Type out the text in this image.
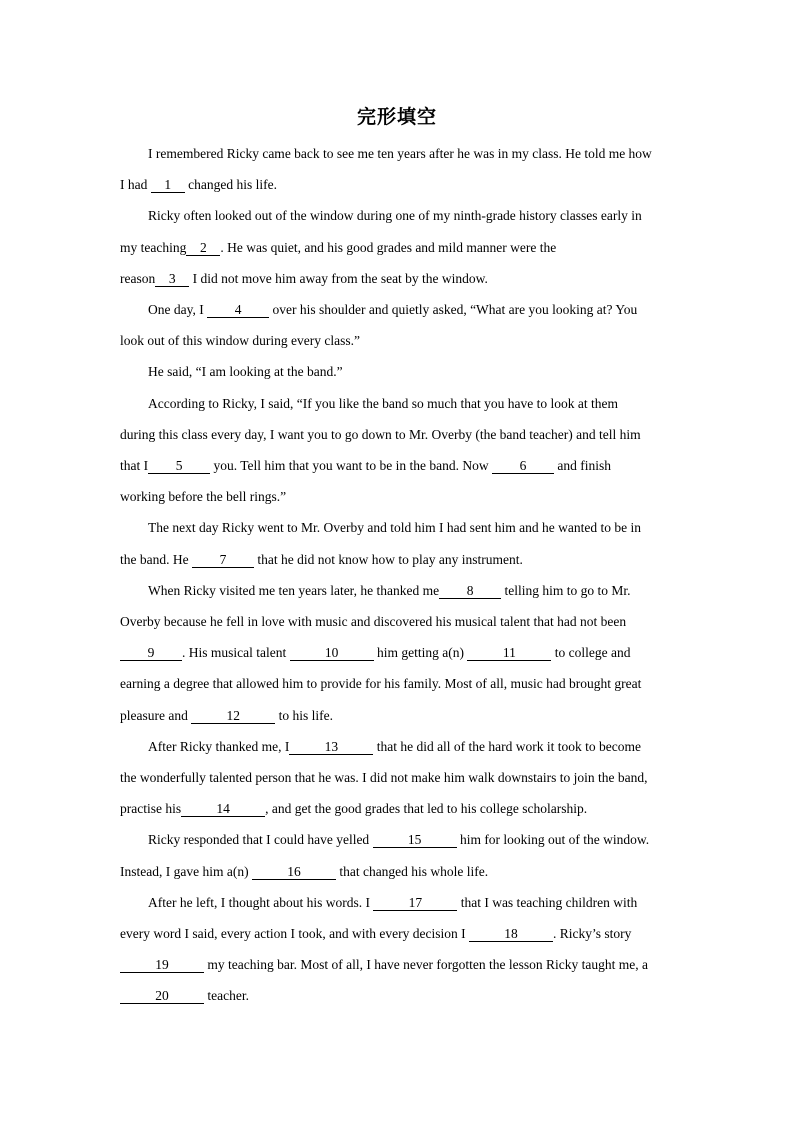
完形填空
I remembered Ricky came back to see me ten years after he was in my class. He told me how
I had 1 changed his life.
Ricky often looked out of the window during one of my ninth-grade history classes early in
my teaching 2 . He was quiet, and his good grades and mild manner were the
reason 3 I did not move him away from the seat by the window.
One day, I 4 over his shoulder and quietly asked, “What are you looking at? You
look out of this window during every class.”
He said, “I am looking at the band.”
According to Ricky, I said, “If you like the band so much that you have to look at them
during this class every day, I want you to go down to Mr. Overby (the band teacher) and tell him
that I 5 you. Tell him that you want to be in the band. Now 6 and finish
working before the bell rings.”
The next day Ricky went to Mr. Overby and told him I had sent him and he wanted to be in
the band. He 7 that he did not know how to play any instrument.
When Ricky visited me ten years later, he thanked me 8 telling him to go to Mr.
Overby because he fell in love with music and discovered his musical talent that had not been
9 . His musical talent	10	him getting a(n)	11	to college and
earning a degree that allowed him to provide for his family. Most of all, music had brought great
pleasure and	12	to his life.
After Ricky thanked me, I	13	that he did all of the hard work it took to become
the wonderfully talented person that he was. I did not make him walk downstairs to join the band,
practise his	14	, and get the good grades that led to his college scholarship.
Ricky responded that I could have yelled	15	him for looking out of the window.
Instead, I gave him a(n)	16	that changed his whole life.
After he left, I thought about his words. I	17	that I was teaching children with
every word I said, every action I took, and with every decision I	18	. Ricky’s story
19	my teaching bar. Most of all, I have never forgotten the lesson Ricky taught me, a
20	teacher.
